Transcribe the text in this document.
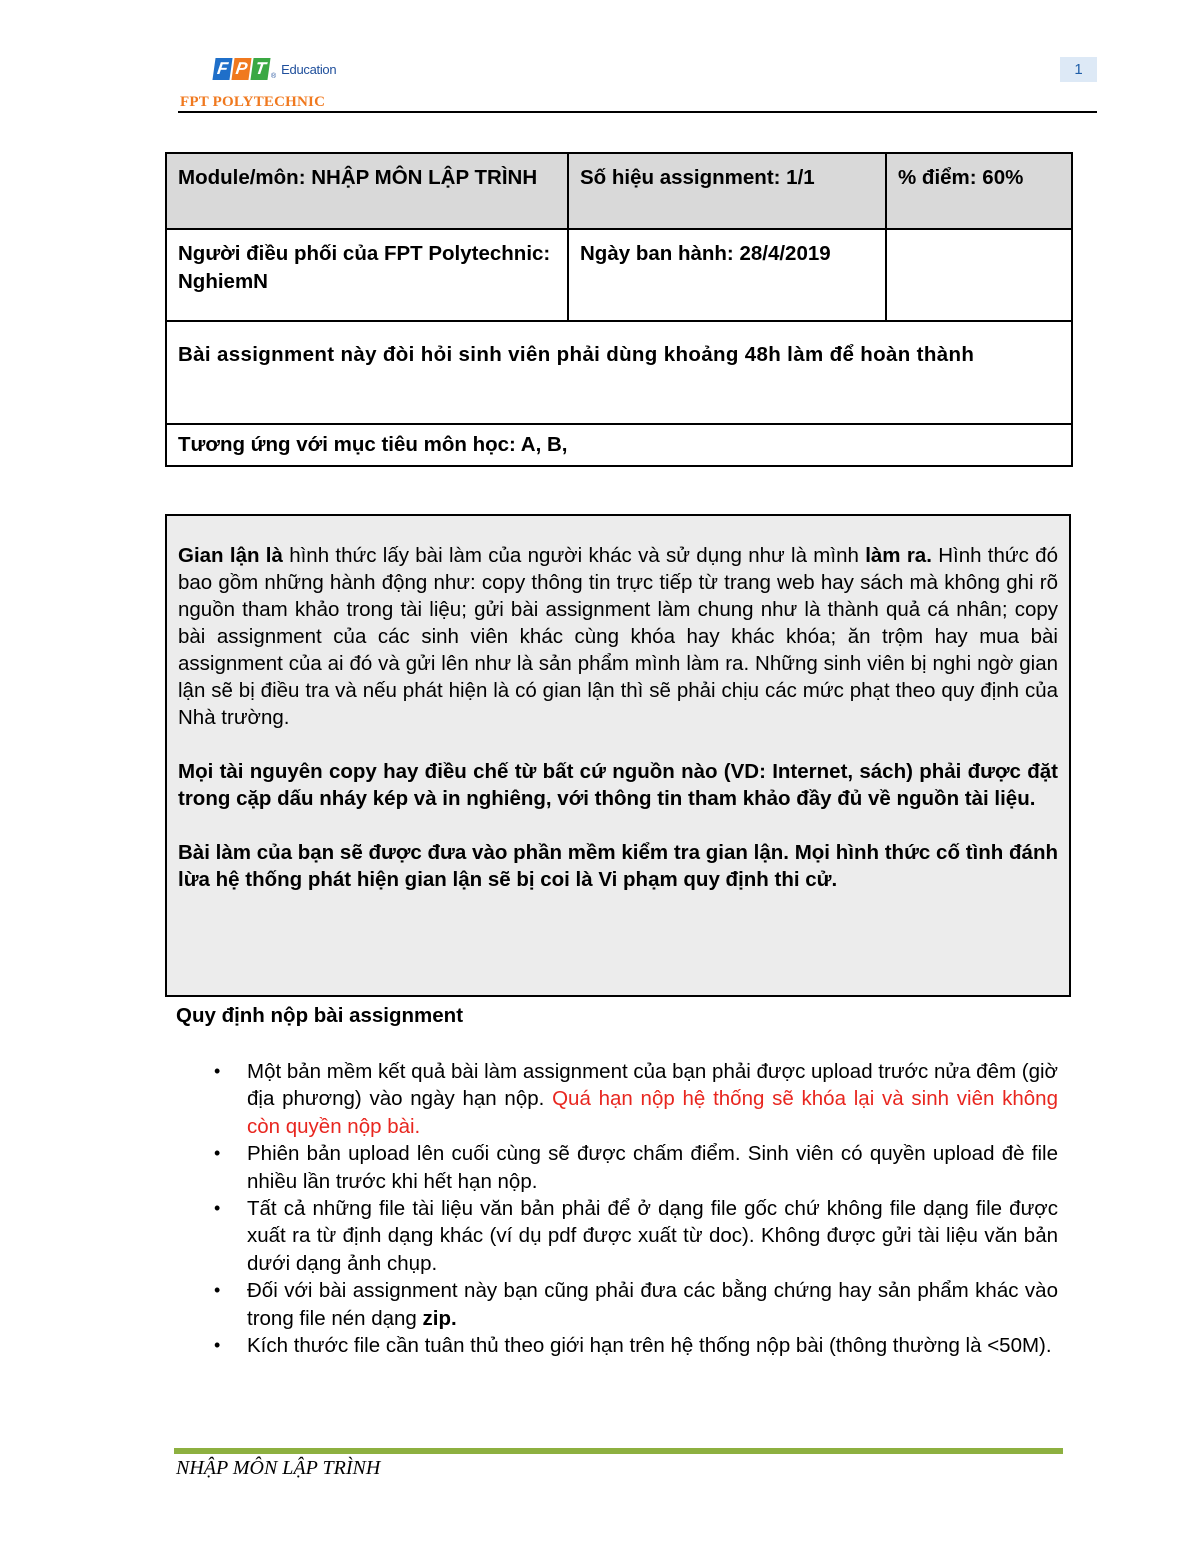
F P T ® Education
FPT POLYTECHNIC
1
Module/môn: NHẬP MÔN LẬP TRÌNH	Số hiệu assignment: 1/1	% điểm: 60%
Người điều phối của FPT Polytechnic: NghiemN	Ngày ban hành: 28/4/2019	
Bài assignment này đòi hỏi sinh viên phải dùng khoảng 48h làm để hoàn thành		
Tương ứng với mục tiêu môn học: A, B,		

Gian lận là hình thức lấy bài làm của người khác và sử dụng như là mình làm ra. Hình thức đó bao gồm những hành động như: copy thông tin trực tiếp từ trang web hay sách mà không ghi rõ nguồn tham khảo trong tài liệu; gửi bài assignment làm chung như là thành quả cá nhân; copy bài assignment của các sinh viên khác cùng khóa hay khác khóa; ăn trộm hay mua bài assignment của ai đó và gửi lên như là sản phẩm mình làm ra. Những sinh viên bị nghi ngờ gian lận sẽ bị điều tra và nếu phát hiện là có gian lận thì sẽ phải chịu các mức phạt theo quy định của Nhà trường.

Mọi tài nguyên copy hay điều chế từ bất cứ nguồn nào (VD: Internet, sách) phải được đặt trong cặp dấu nháy kép và in nghiêng, với thông tin tham khảo đầy đủ về nguồn tài liệu.

Bài làm của bạn sẽ được đưa vào phần mềm kiểm tra gian lận. Mọi hình thức cố tình đánh lừa hệ thống phát hiện gian lận sẽ bị coi là Vi phạm quy định thi cử.

Quy định nộp bài assignment
• Một bản mềm kết quả bài làm assignment của bạn phải được upload trước nửa đêm (giờ địa phương) vào ngày hạn nộp. Quá hạn nộp hệ thống sẽ khóa lại và sinh viên không còn quyền nộp bài.
• Phiên bản upload lên cuối cùng sẽ được chấm điểm. Sinh viên có quyền upload đè file nhiều lần trước khi hết hạn nộp.
• Tất cả những file tài liệu văn bản phải để ở dạng file gốc chứ không file dạng file được xuất ra từ định dạng khác (ví dụ pdf được xuất từ doc). Không được gửi tài liệu văn bản dưới dạng ảnh chụp.
• Đối với bài assignment này bạn cũng phải đưa các bằng chứng hay sản phẩm khác vào trong file nén dạng zip.
• Kích thước file cần tuân thủ theo giới hạn trên hệ thống nộp bài (thông thường là <50M).
NHẬP MÔN LẬP TRÌNH
